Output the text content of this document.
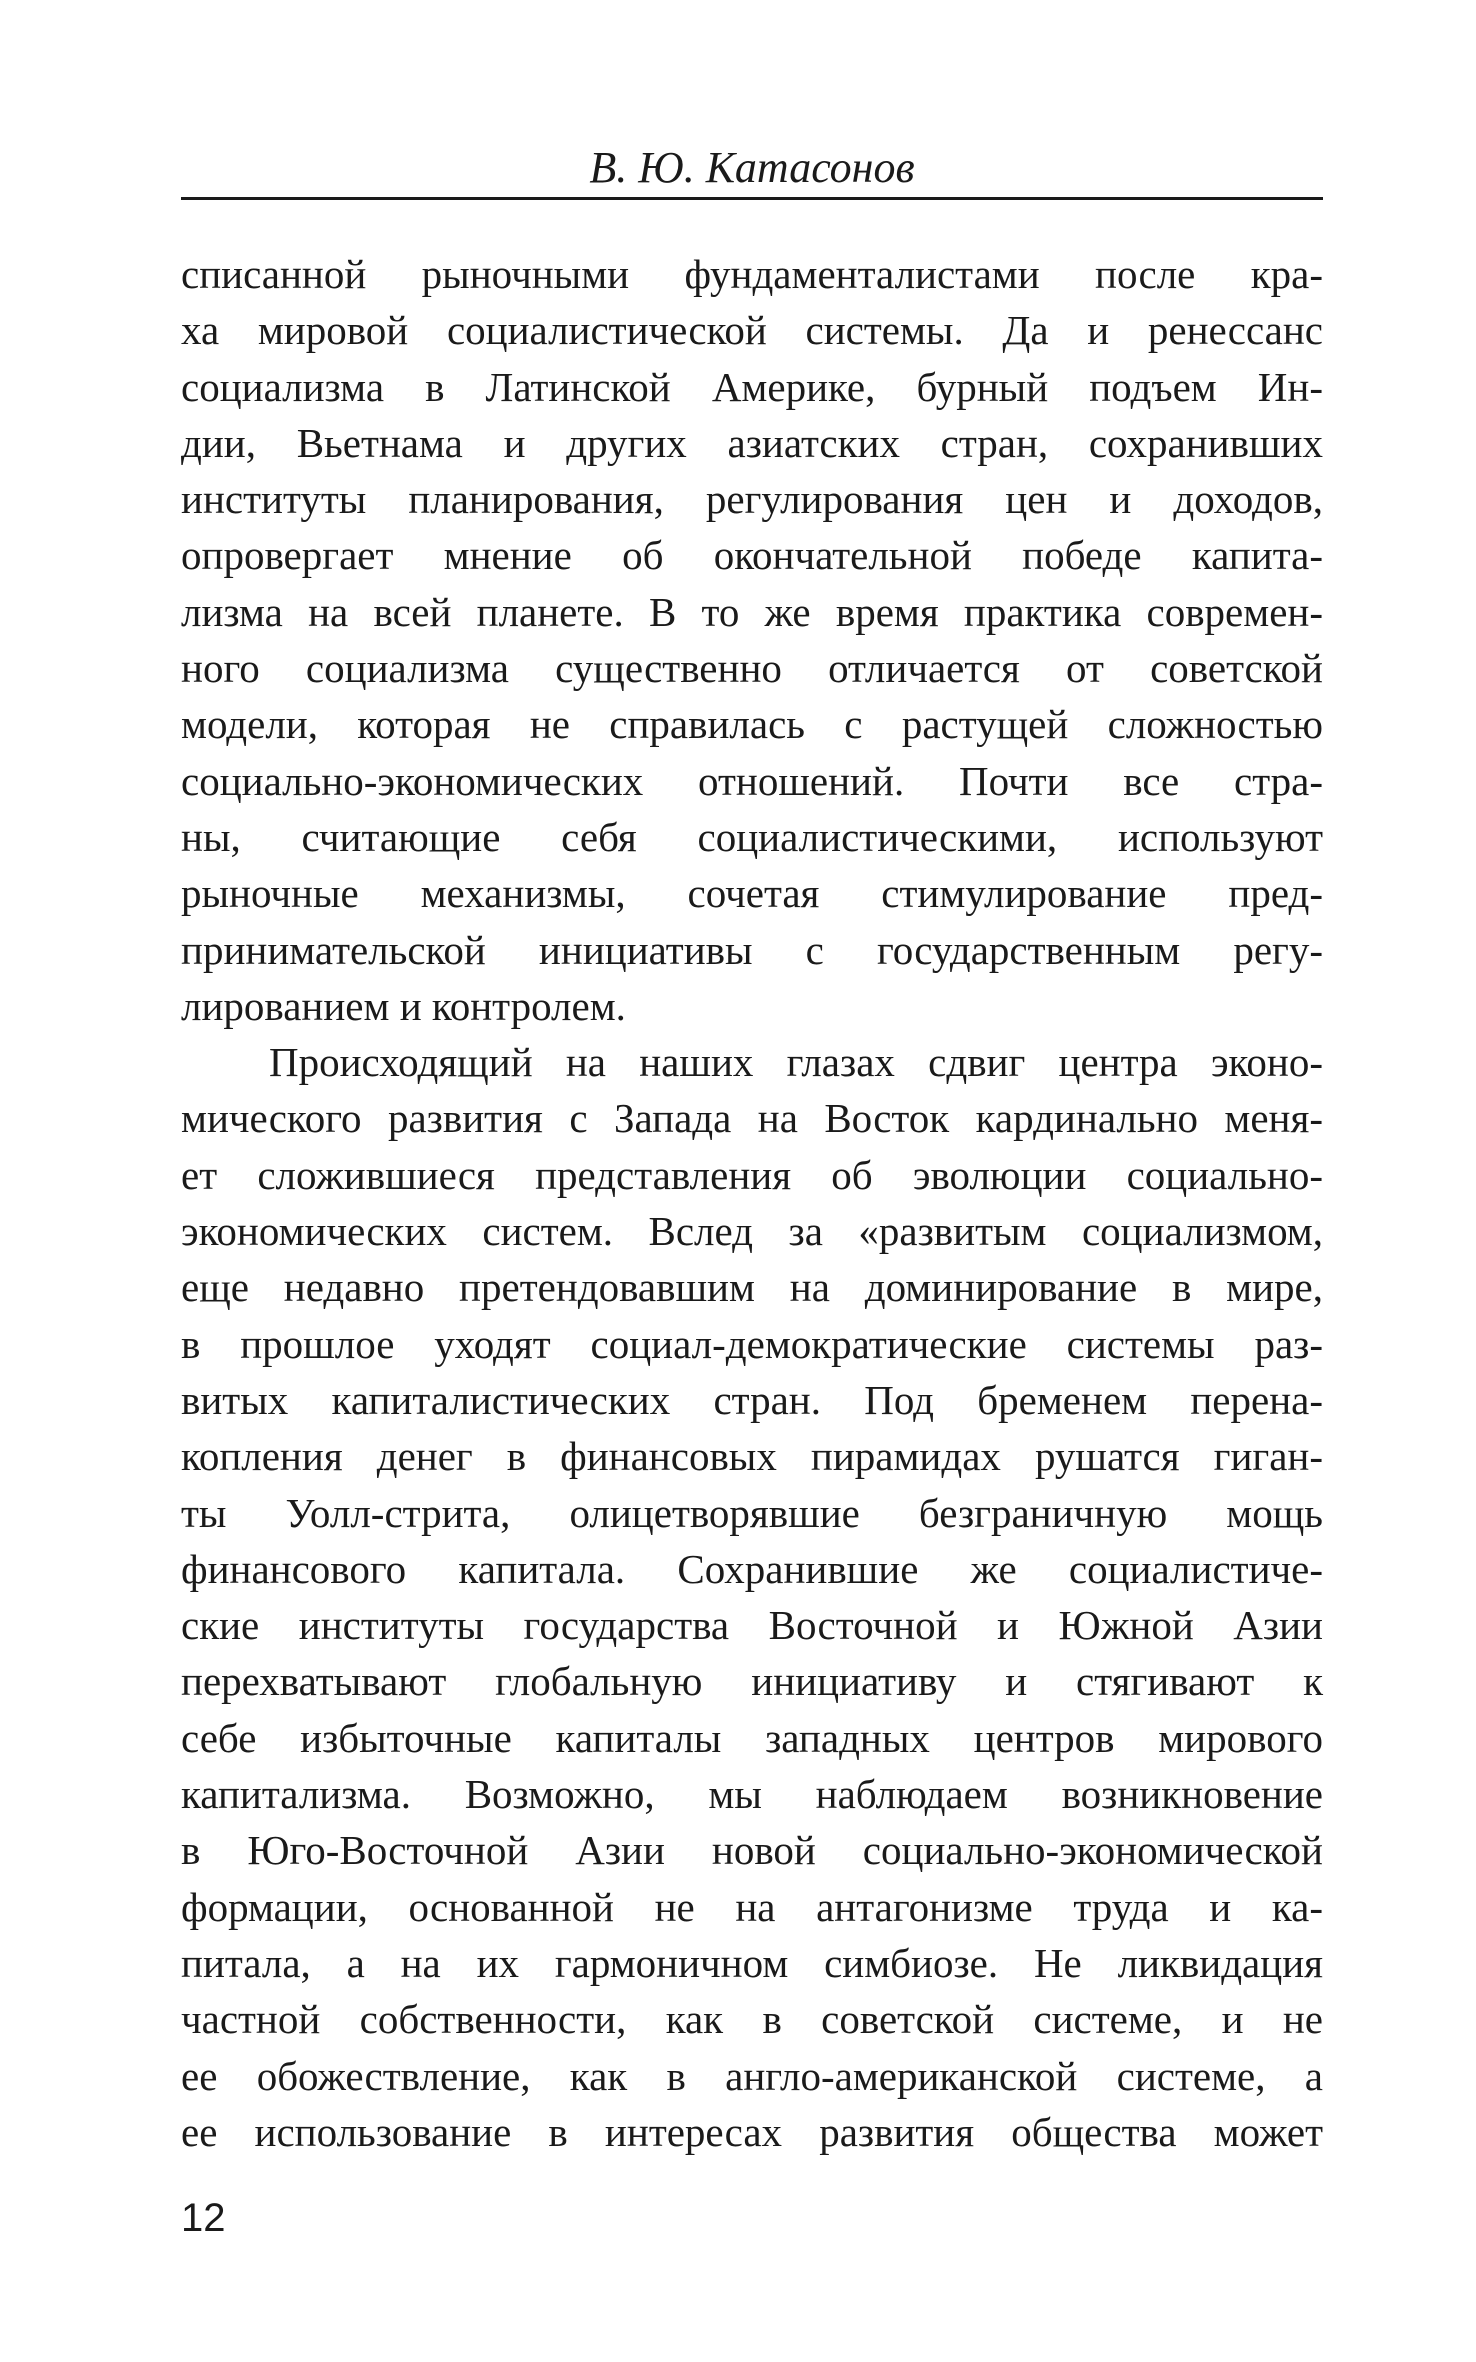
В. Ю. Катасонов
списанной рыночными фундаменталистами после кра-
ха мировой социалистической системы. Да и ренессанс
социализма в Латинской Америке, бурный подъем Ин-
дии, Вьетнама и других азиатских стран, сохранивших
институты планирования, регулирования цен и доходов,
опровергает мнение об окончательной победе капита-
лизма на всей планете. В то же время практика современ-
ного социализма существенно отличается от советской
модели, которая не справилась с растущей сложностью
социально-экономических отношений. Почти все стра-
ны, считающие себя социалистическими, используют
рыночные механизмы, сочетая стимулирование пред-
принимательской инициативы с государственным регу-
лированием и контролем.
Происходящий на наших глазах сдвиг центра эконо-
мического развития с Запада на Восток кардинально меня-
ет сложившиеся представления об эволюции социально-
экономических систем. Вслед за «развитым социализмом,
еще недавно претендовавшим на доминирование в мире,
в прошлое уходят социал-демократические системы раз-
витых капиталистических стран. Под бременем перена-
копления денег в финансовых пирамидах рушатся гиган-
ты Уолл-стрита, олицетворявшие безграничную мощь
финансового капитала. Сохранившие же социалистиче-
ские институты государства Восточной и Южной Азии
перехватывают глобальную инициативу и стягивают к
себе избыточные капиталы западных центров мирового
капитализма. Возможно, мы наблюдаем возникновение
в Юго-Восточной Азии новой социально-экономической
формации, основанной не на антагонизме труда и ка-
питала, а на их гармоничном симбиозе. Не ликвидация
частной собственности, как в советской системе, и не
ее обожествление, как в англо-американской системе, а
ее использование в интересах развития общества может
12
